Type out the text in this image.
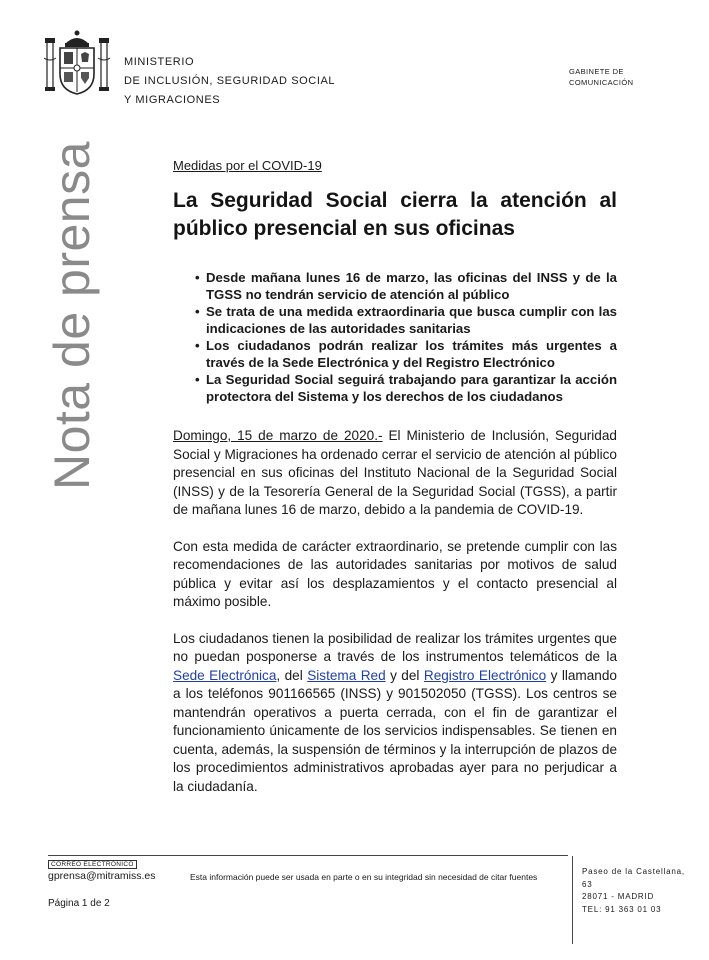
MINISTERIO
DE INCLUSIÓN, SEGURIDAD SOCIAL
Y MIGRACIONES
GABINETE DE
COMUNICACIÓN
Nota de prensa	Medidas por el COVID-19
La Seguridad Social cierra la atención al público presencial en sus oficinas
• Desde mañana lunes 16 de marzo, las oficinas del INSS y de la TGSS no tendrán servicio de atención al público
• Se trata de una medida extraordinaria que busca cumplir con las indicaciones de las autoridades sanitarias
• Los ciudadanos podrán realizar los trámites más urgentes a través de la Sede Electrónica y del Registro Electrónico
• La Seguridad Social seguirá trabajando para garantizar la acción protectora del Sistema y los derechos de los ciudadanos

Domingo, 15 de marzo de 2020.- El Ministerio de Inclusión, Seguridad Social y Migraciones ha ordenado cerrar el servicio de atención al público presencial en sus oficinas del Instituto Nacional de la Seguridad Social (INSS) y de la Tesorería General de la Seguridad Social (TGSS), a partir de mañana lunes 16 de marzo, debido a la pandemia de COVID-19.

Con esta medida de carácter extraordinario, se pretende cumplir con las recomendaciones de las autoridades sanitarias por motivos de salud pública y evitar así los desplazamientos y el contacto presencial al máximo posible.

Los ciudadanos tienen la posibilidad de realizar los trámites urgentes que no puedan posponerse a través de los instrumentos telemáticos de la Sede Electrónica, del Sistema Red y del Registro Electrónico y llamando a los teléfonos 901166565 (INSS) y 901502050 (TGSS). Los centros se mantendrán operativos a puerta cerrada, con el fin de garantizar el funcionamiento únicamente de los servicios indispensables. Se tienen en cuenta, además, la suspensión de términos y la interrupción de plazos de los procedimientos administrativos aprobadas ayer para no perjudicar a la ciudadanía.

CORREO ELECTRÓNICO
gprensa@mitramiss.es	Esta información puede ser usada en parte o en su integridad sin necesidad de citar fuentes
Página 1 de 2
Paseo de la Castellana,
63
28071 - MADRID
TEL: 91 363 01 03
